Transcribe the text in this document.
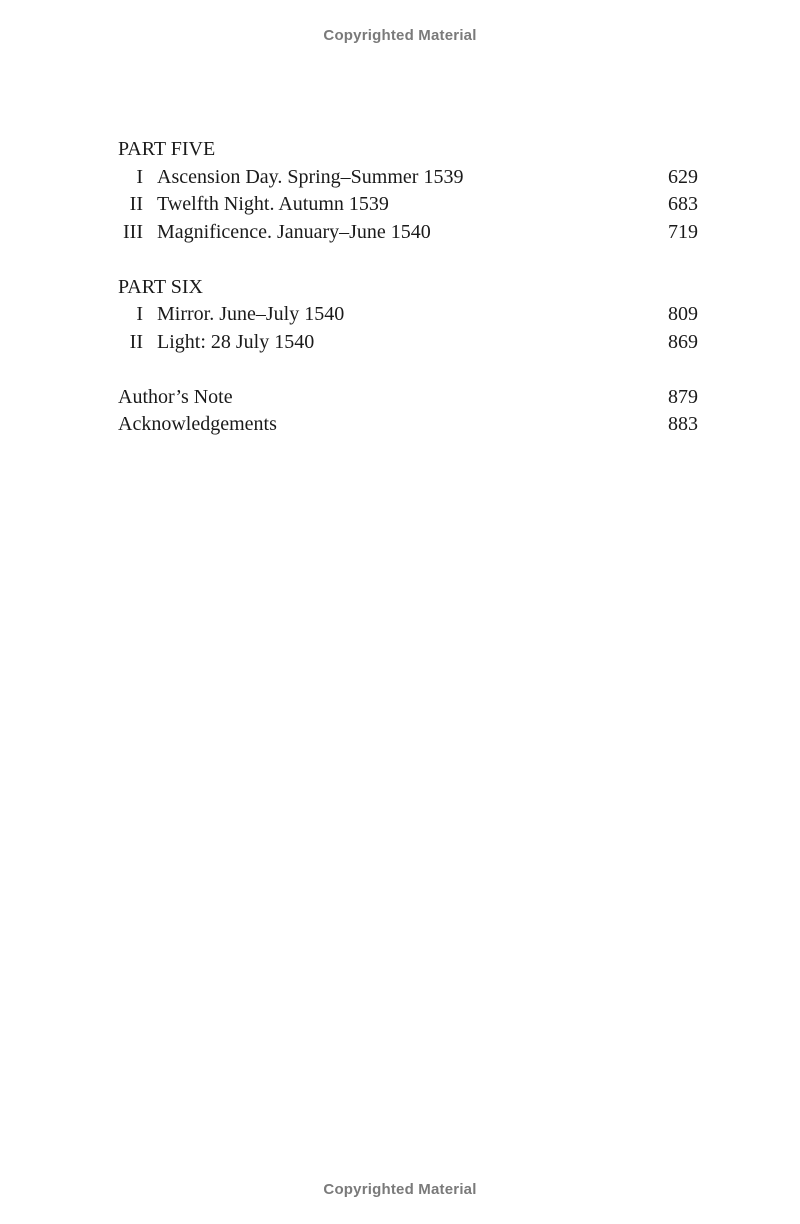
Copyrighted Material
PART FIVE
I Ascension Day. Spring–Summer 1539	629
II Twelfth Night. Autumn 1539	683
III Magnificence. January–June 1540	719
PART SIX
I Mirror. June–July 1540	809
II Light: 28 July 1540	869
Author’s Note	879
Acknowledgements	883
Copyrighted Material
